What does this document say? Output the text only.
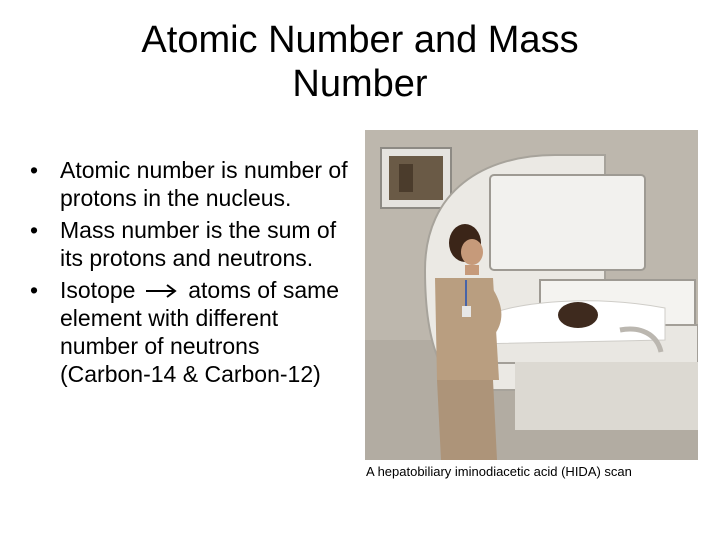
Atomic Number and Mass
Number
• Atomic number is number of protons in the nucleus.
• Mass number is the sum of its protons and neutrons.
• Isotope atoms of same element with different number of neutrons (Carbon-14 & Carbon-12)
A hepatobiliary iminodiacetic acid (HIDA) scan
